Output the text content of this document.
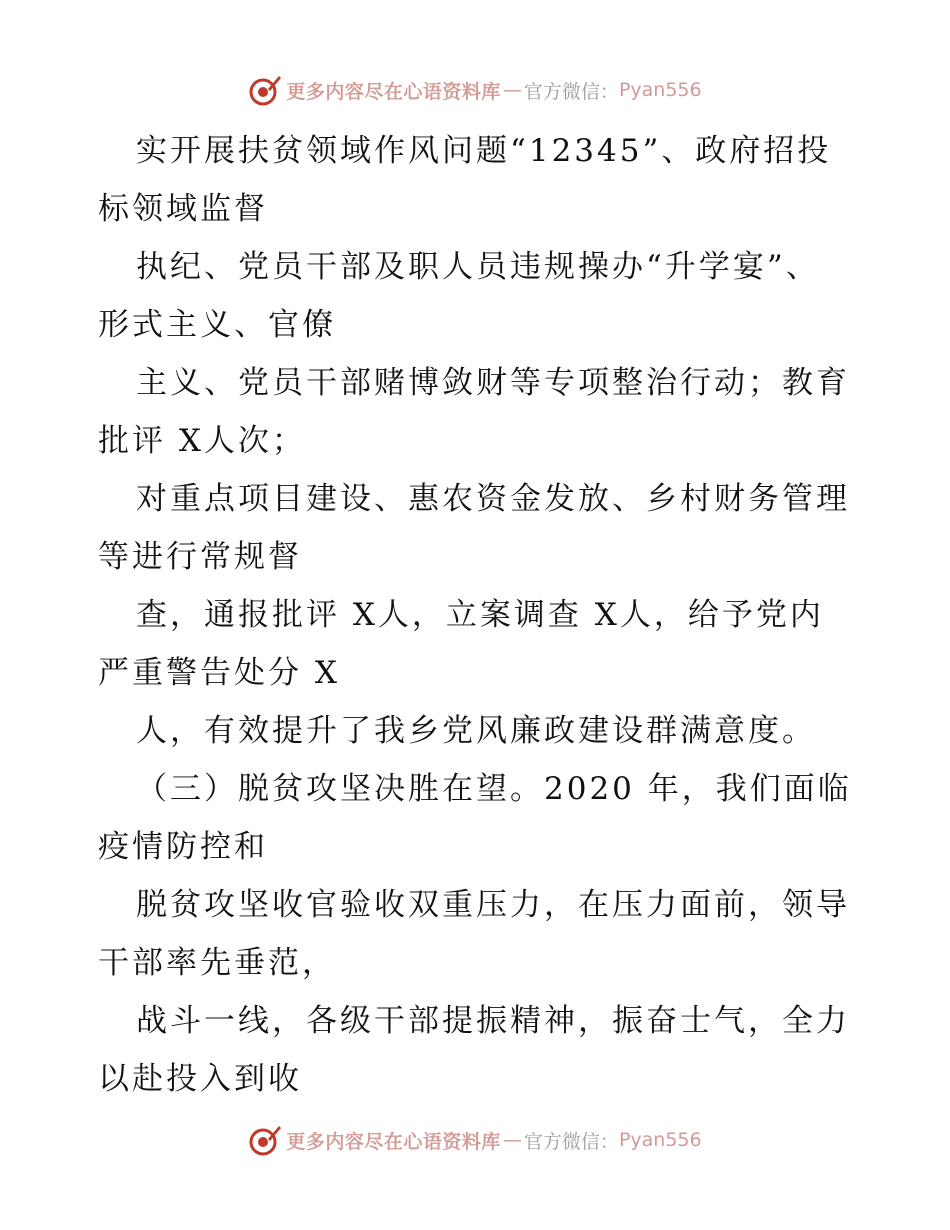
更多内容尽在心语资料库 — 官方微信： Pyan556
实开展扶贫领域作风问题“12345”、政府招投
标领域监督
执纪、党员干部及职人员违规操办“升学宴”、
形式主义、官僚
主义、党员干部赌博敛财等专项整治行动；教育
批评 X人次；
对重点项目建设、惠农资金发放、乡村财务管理
等进行常规督
查，通报批评 X人，立案调查 X人，给予党内
严重警告处分 X
人，有效提升了我乡党风廉政建设群满意度。
（三）脱贫攻坚决胜在望。2020 年，我们面临
疫情防控和
脱贫攻坚收官验收双重压力，在压力面前，领导
干部率先垂范，
战斗一线，各级干部提振精神，振奋士气，全力
以赴投入到收
更多内容尽在心语资料库 — 官方微信： Pyan556
